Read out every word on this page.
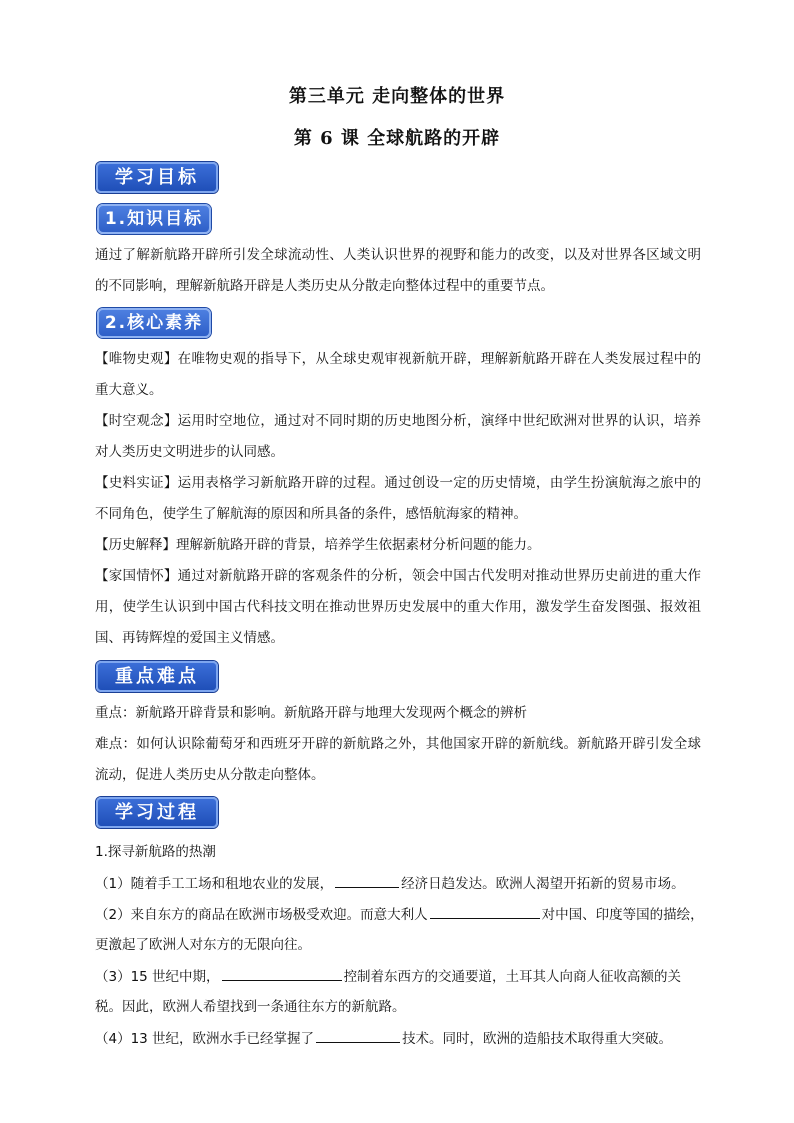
第三单元 走向整体的世界
第 6 课 全球航路的开辟
学习目标
1.知识目标
通过了解新航路开辟所引发全球流动性、人类认识世界的视野和能力的改变，以及对世界各区域文明的不同影响，理解新航路开辟是人类历史从分散走向整体过程中的重要节点。
2.核心素养
【唯物史观】在唯物史观的指导下，从全球史观审视新航开辟，理解新航路开辟在人类发展过程中的重大意义。
【时空观念】运用时空地位，通过对不同时期的历史地图分析，演绎中世纪欧洲对世界的认识，培养对人类历史文明进步的认同感。
【史料实证】运用表格学习新航路开辟的过程。通过创设一定的历史情境，由学生扮演航海之旅中的不同角色，使学生了解航海的原因和所具备的条件，感悟航海家的精神。
【历史解释】理解新航路开辟的背景，培养学生依据素材分析问题的能力。
【家国情怀】通过对新航路开辟的客观条件的分析，领会中国古代发明对推动世界历史前进的重大作用，使学生认识到中国古代科技文明在推动世界历史发展中的重大作用，激发学生奋发图强、报效祖国、再铸辉煌的爱国主义情感。
重点难点
重点：新航路开辟背景和影响。新航路开辟与地理大发现两个概念的辨析
难点：如何认识除葡萄牙和西班牙开辟的新航路之外，其他国家开辟的新航线。新航路开辟引发全球流动，促进人类历史从分散走向整体。
学习过程
1.探寻新航路的热潮
（1）随着手工工场和租地农业的发展，	经济日趋发达。欧洲人渴望开拓新的贸易市场。
（2）来自东方的商品在欧洲市场极受欢迎。而意大利人	对中国、印度等国的描绘，
更激起了欧洲人对东方的无限向往。
（3）15 世纪中期，	控制着东西方的交通要道，土耳其人向商人征收高额的关
税。因此，欧洲人希望找到一条通往东方的新航路。
（4）13 世纪，欧洲水手已经掌握了	技术。同时，欧洲的造船技术取得重大突破。
